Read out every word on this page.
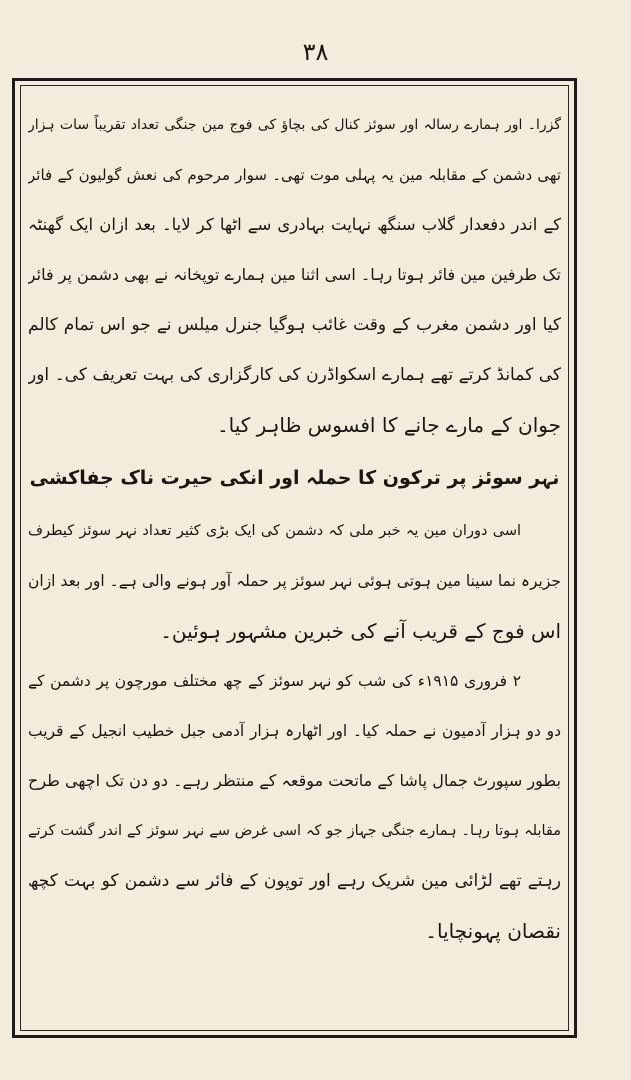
۳۸
گزرا۔ اور ہمارے رسالہ اور سوئز کنال کی بچاؤ کی فوج مین جنگی تعداد تقریباً سات ہزار
تھی دشمن کے مقابلہ مین یہ پہلی موت تھی۔ سوار مرحوم کی نعش گولیون کے فائر
کے اندر دفعدار گلاب سنگھ نہایت بہادری سے اٹھا کر لایا۔ بعد ازان ایک گھنٹہ
تک طرفین مین فائر ہوتا رہا۔ اسی اثنا مین ہمارے توپخانہ نے بھی دشمن پر فائر
کیا اور دشمن مغرب کے وقت غائب ہوگیا جنرل میلس نے جو اس تمام کالم
کی کمانڈ کرتے تھے ہمارے اسکواڈرن کی کارگزاری کی بہت تعریف کی۔ اور
جوان کے مارے جانے کا افسوس ظاہر کیا۔
نہر سوئز پر ترکون کا حملہ اور انکی حیرت ناک جفاکشی
اسی دوران مین یہ خبر ملی کہ دشمن کی ایک بڑی کثیر تعداد نہر سوئز کیطرف
جزیرہ نما سینا مین ہوتی ہوئی نہر سوئز پر حملہ آور ہونے والی ہے۔ اور بعد ازان
اس فوج کے قریب آنے کی خبرین مشہور ہوئین۔
۲ فروری ۱۹۱۵ء کی شب کو نہر سوئز کے چھ مختلف مورچون پر دشمن کے
دو دو ہزار آدمیون نے حملہ کیا۔ اور اٹھارہ ہزار آدمی جبل خطیب انجیل کے قریب
بطور سپورٹ جمال پاشا کے ماتحت موقعہ کے منتظر رہے۔ دو دن تک اچھی طرح
مقابلہ ہوتا رہا۔ ہمارے جنگی جہاز جو کہ اسی غرض سے نہر سوئز کے اندر گشت کرتے
رہتے تھے لڑائی مین شریک رہے اور توپون کے فائر سے دشمن کو بہت کچھ
نقصان پہونچایا۔
